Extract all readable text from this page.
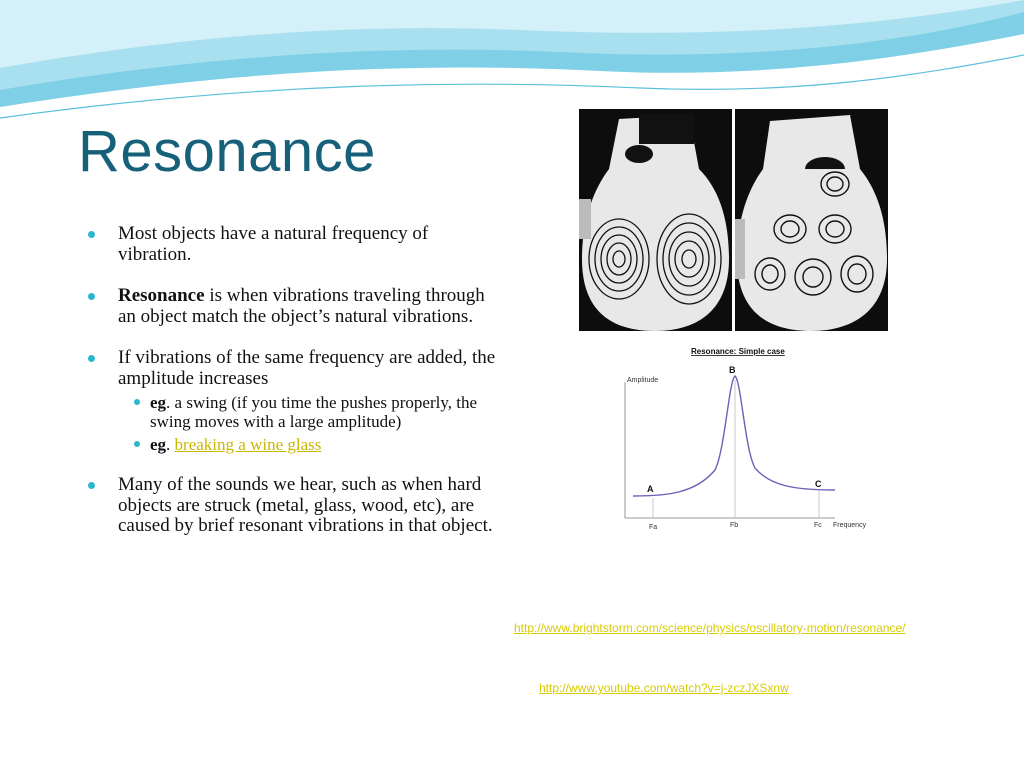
Resonance
Most objects have a natural frequency of vibration.
Resonance is when vibrations traveling through an object match the object’s natural vibrations.
If vibrations of the same frequency are added, the amplitude increases
eg. a swing (if you time the pushes properly, the swing moves with a large amplitude)
eg. breaking a wine glass
Many of the sounds we hear, such as when hard objects are struck (metal, glass, wood, etc), are caused by brief resonant vibrations in that object.
Resonance: Simple case
Amplitude
Frequency
Fa	Fb	Fc
A
B
C
http://www.brightstorm.com/science/physics/oscillatory-motion/resonance/
http://www.youtube.com/watch?v=j-zczJXSxnw
